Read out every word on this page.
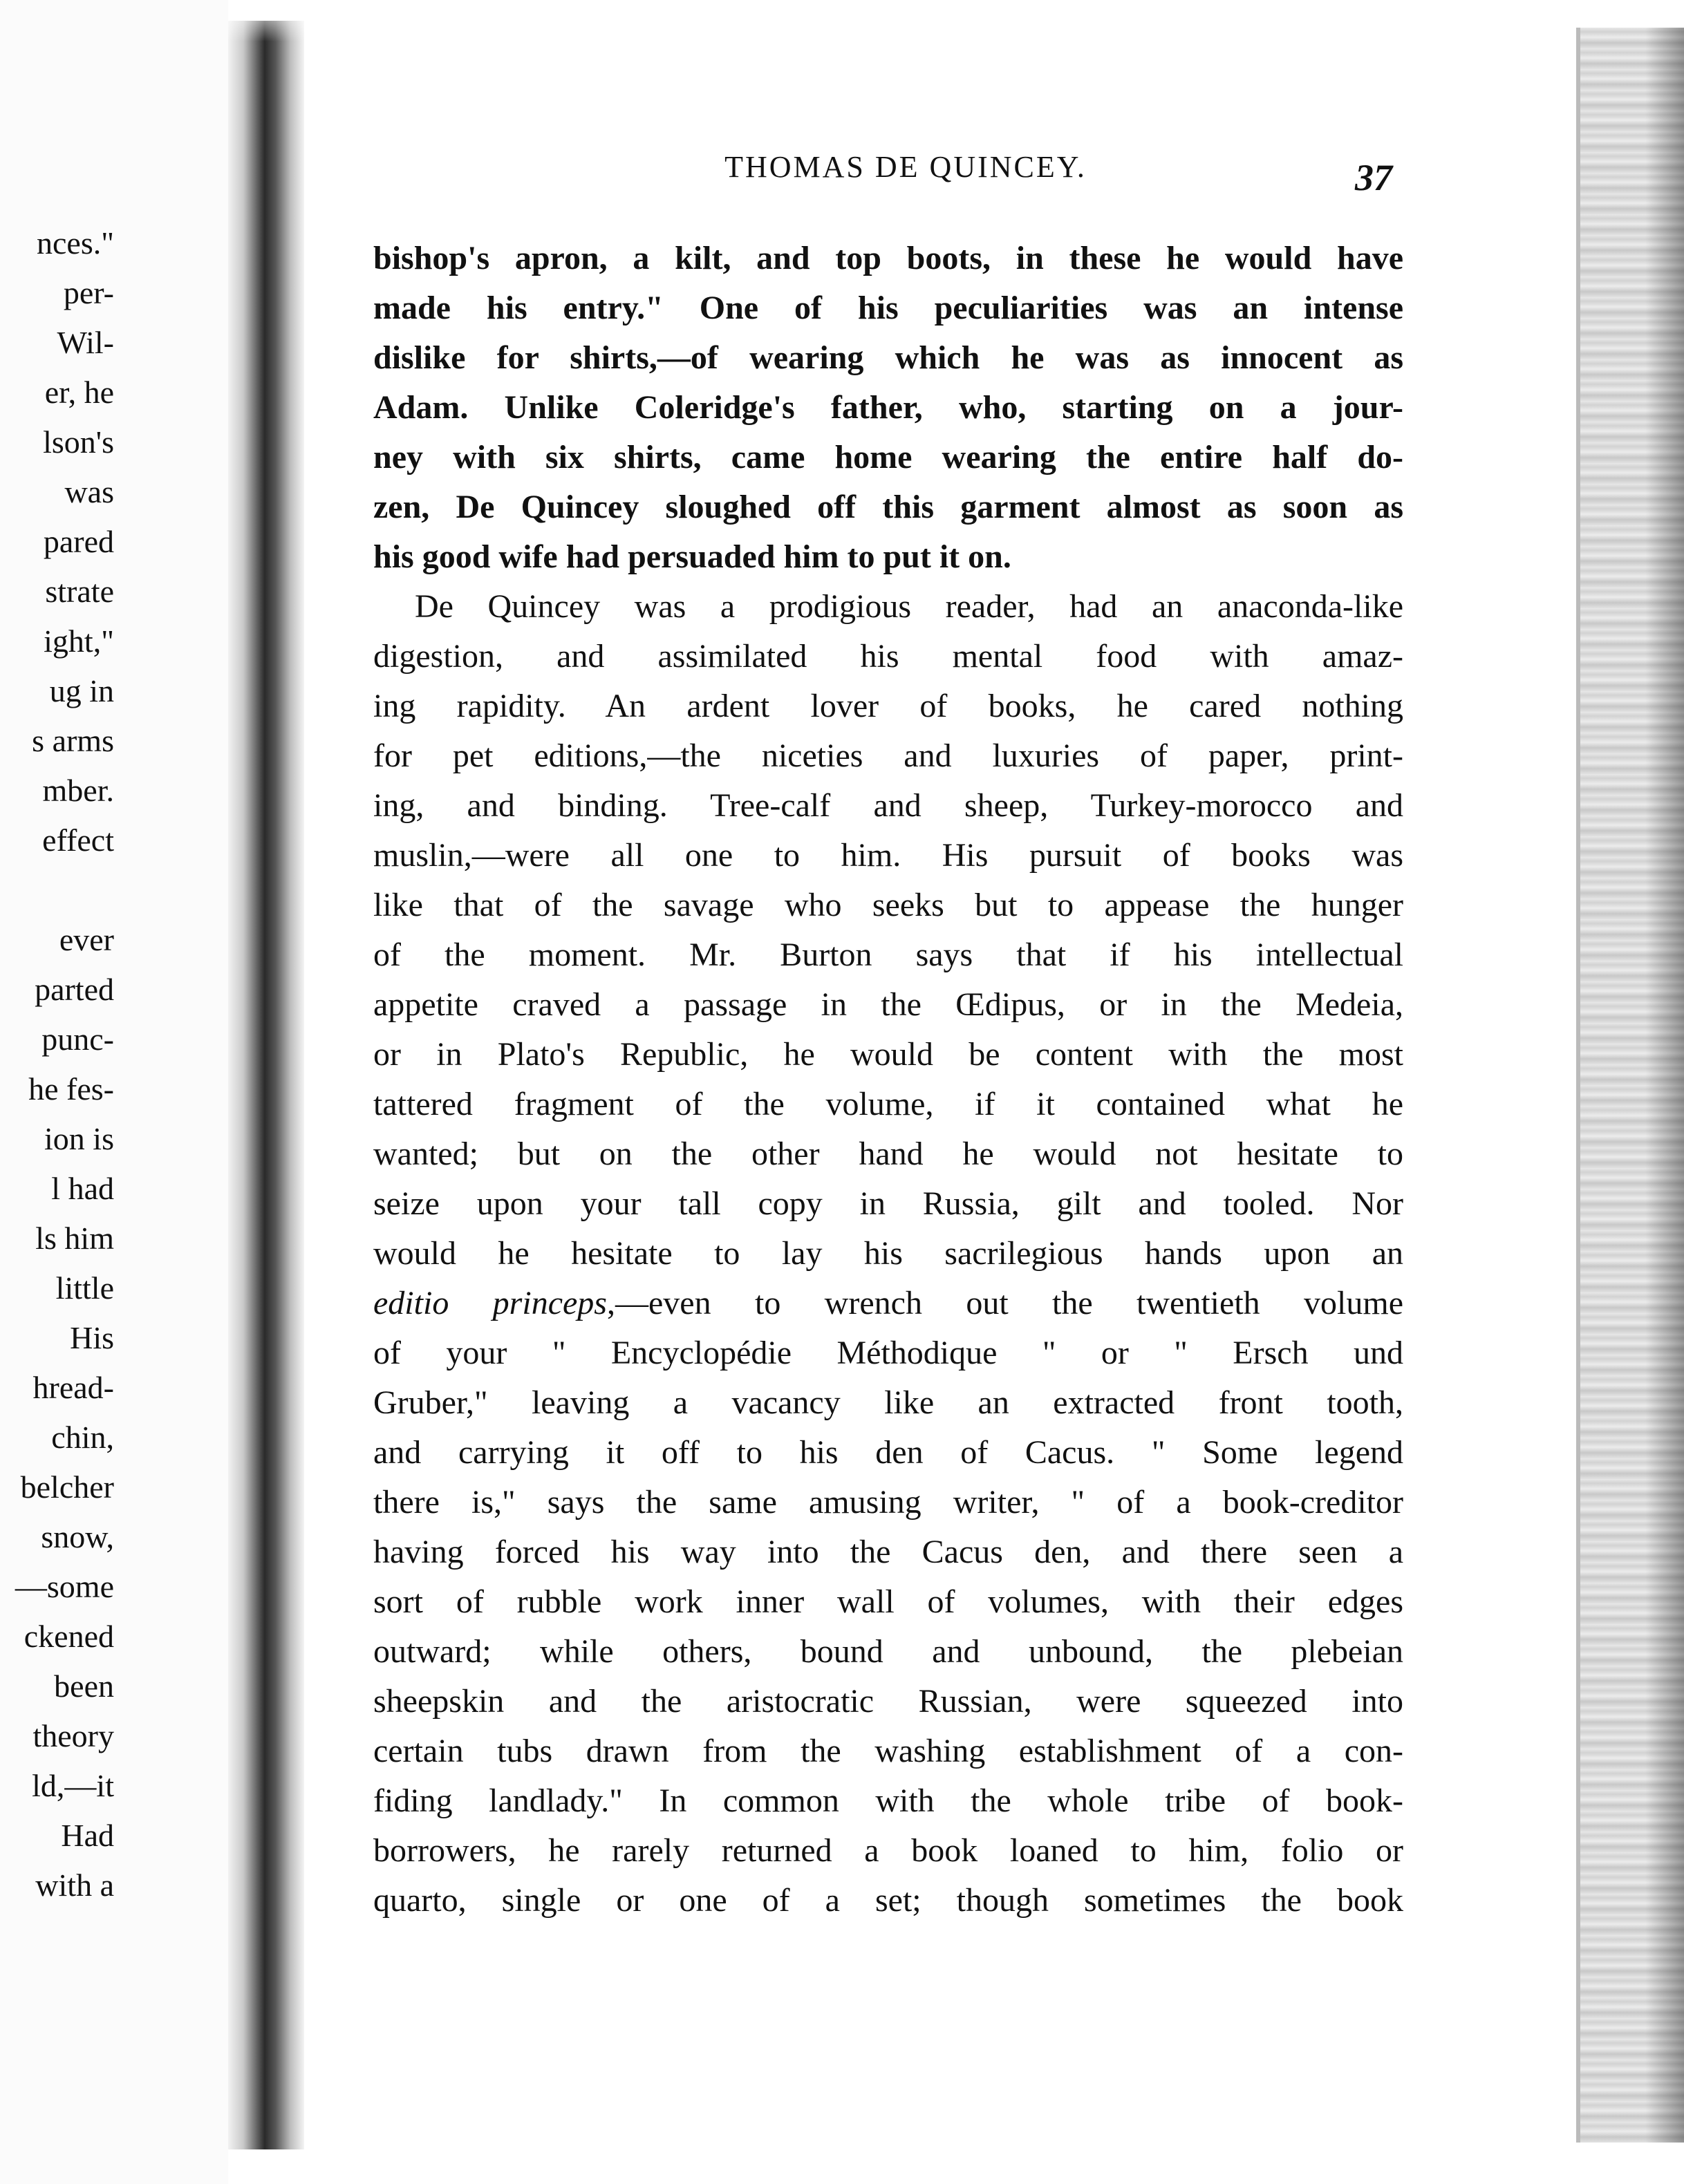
nces."
per-
Wil-
er, he
lson's
was
pared
strate
ight,"
ug in
s arms
mber.
effect
ever
parted
punc-
he fes-
ion is
l had
ls him
little
His
hread-
chin,
belcher
snow,
—some
ckened
been
theory
ld,—it
Had
with a
THOMAS DE QUINCEY.	37
bishop's apron, a kilt, and top boots, in these he would have
made his entry." One of his peculiarities was an intense
dislike for shirts,—of wearing which he was as innocent as
Adam. Unlike Coleridge's father, who, starting on a jour-
ney with six shirts, came home wearing the entire half do-
zen, De Quincey sloughed off this garment almost as soon as
his good wife had persuaded him to put it on.
De Quincey was a prodigious reader, had an anaconda-like
digestion, and assimilated his mental food with amaz-
ing rapidity. An ardent lover of books, he cared nothing
for pet editions,—the niceties and luxuries of paper, print-
ing, and binding. Tree-calf and sheep, Turkey-morocco and
muslin,—were all one to him. His pursuit of books was
like that of the savage who seeks but to appease the hunger
of the moment. Mr. Burton says that if his intellectual
appetite craved a passage in the Œdipus, or in the Medeia,
or in Plato's Republic, he would be content with the most
tattered fragment of the volume, if it contained what he
wanted; but on the other hand he would not hesitate to
seize upon your tall copy in Russia, gilt and tooled. Nor
would he hesitate to lay his sacrilegious hands upon an
editio princeps,—even to wrench out the twentieth volume
of your " Encyclopédie Méthodique " or " Ersch und
Gruber," leaving a vacancy like an extracted front tooth,
and carrying it off to his den of Cacus. " Some legend
there is," says the same amusing writer, " of a book-creditor
having forced his way into the Cacus den, and there seen a
sort of rubble work inner wall of volumes, with their edges
outward; while others, bound and unbound, the plebeian
sheepskin and the aristocratic Russian, were squeezed into
certain tubs drawn from the washing establishment of a con-
fiding landlady." In common with the whole tribe of book-
borrowers, he rarely returned a book loaned to him, folio or
quarto, single or one of a set; though sometimes the book
